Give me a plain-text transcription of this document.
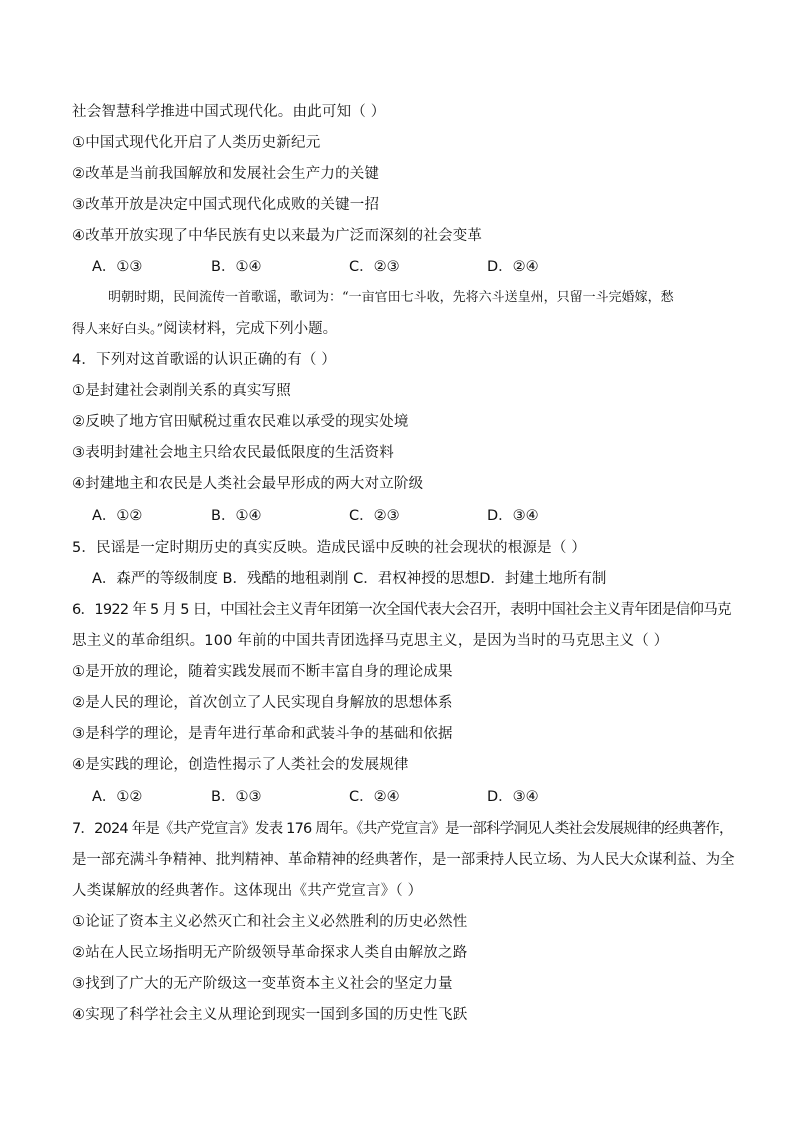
社会智慧科学推进中国式现代化。由此可知（ ）
①中国式现代化开启了人类历史新纪元
②改革是当前我国解放和发展社会生产力的关键
③改革开放是决定中国式现代化成败的关键一招
④改革开放实现了中华民族有史以来最为广泛而深刻的社会变革
A．①③	B．①④	C．②③	D．②④
明朝时期，民间流传一首歌谣，歌词为：“一亩官田七斗收，先将六斗送皇州，只留一斗完婚嫁，愁
得人来好白头。”阅读材料，完成下列小题。
4．下列对这首歌谣的认识正确的有（ ）
①是封建社会剥削关系的真实写照
②反映了地方官田赋税过重农民难以承受的现实处境
③表明封建社会地主只给农民最低限度的生活资料
④封建地主和农民是人类社会最早形成的两大对立阶级
A．①②	B．①④	C．②③	D．③④
5．民谣是一定时期历史的真实反映。造成民谣中反映的社会现状的根源是（ ）
A．森严的等级制度 B．残酷的地租剥削 C．君权神授的思想D．封建土地所有制
6．1922 年 5 月 5 日，中国社会主义青年团第一次全国代表大会召开，表明中国社会主义青年团是信仰马克
思主义的革命组织。100 年前的中国共青团选择马克思主义，是因为当时的马克思主义（ ）
①是开放的理论，随着实践发展而不断丰富自身的理论成果
②是人民的理论，首次创立了人民实现自身解放的思想体系
③是科学的理论，是青年进行革命和武装斗争的基础和依据
④是实践的理论，创造性揭示了人类社会的发展规律
A．①②	B．①③	C．②④	D．③④
7．2024 年是《共产党宣言》发表 176 周年。《共产党宣言》是一部科学洞见人类社会发展规律的经典著作，
是一部充满斗争精神、批判精神、革命精神的经典著作，是一部秉持人民立场、为人民大众谋利益、为全
人类谋解放的经典著作。这体现出《共产党宣言》（ ）
①论证了资本主义必然灭亡和社会主义必然胜利的历史必然性
②站在人民立场指明无产阶级领导革命探求人类自由解放之路
③找到了广大的无产阶级这一变革资本主义社会的坚定力量
④实现了科学社会主义从理论到现实一国到多国的历史性飞跃
